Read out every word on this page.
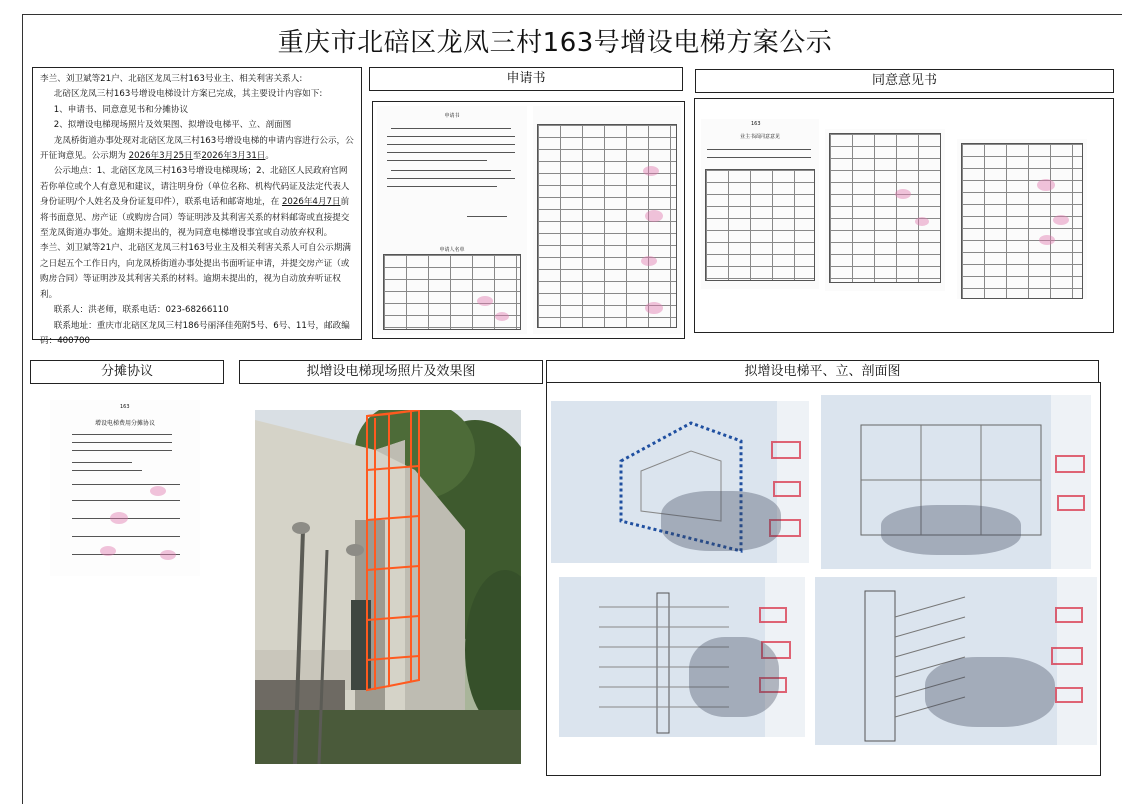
重庆市北碚区龙凤三村163号增设电梯方案公示

李兰、刘卫斌等21户、北碚区龙凤三村163号业主、相关利害关系人:

北碚区龙凤三村163号增设电梯设计方案已完成，其主要设计内容如下:

1、申请书、同意意见书和分摊协议

2、拟增设电梯现场照片及效果图、拟增设电梯平、立、剖面图

龙凤桥街道办事处现对北碚区龙凤三村163号增设电梯的申请内容进行公示，公开征询意见。公示期为 2026年3月25日至2026年3月31日。

公示地点：1、北碚区龙凤三村163号增设电梯现场；2、北碚区人民政府官网

若你单位或个人有意见和建议，请注明身份（单位名称、机构代码证及法定代表人身份证明/个人姓名及身份证复印件），联系电话和邮寄地址，在 2026年4月7日前将书面意见、房产证（或购房合同）等证明涉及其利害关系的材料邮寄或直接提交至龙凤街道办事处。逾期未提出的，视为同意电梯增设事宜或自动放弃权利。

李兰、刘卫斌等21户、北碚区龙凤三村163号业主及相关利害关系人可自公示期满之日起五个工作日内，向龙凤桥街道办事处提出书面听证申请，并提交房产证（或购房合同）等证明涉及其利害关系的材料。逾期未提出的，视为自动放弃听证权利。

联系人：洪老师，联系电话：023-68266110

联系地址：重庆市北碚区龙凤三村186号丽泽佳苑附5号、6号、11号，邮政编码：400700

申请书
申请书
申请人名单
同意意见书
163
业主书面同意意见
分摊协议
163
增设电梯费用分摊协议
拟增设电梯现场照片及效果图	拟增设电梯平、立、剖面图
